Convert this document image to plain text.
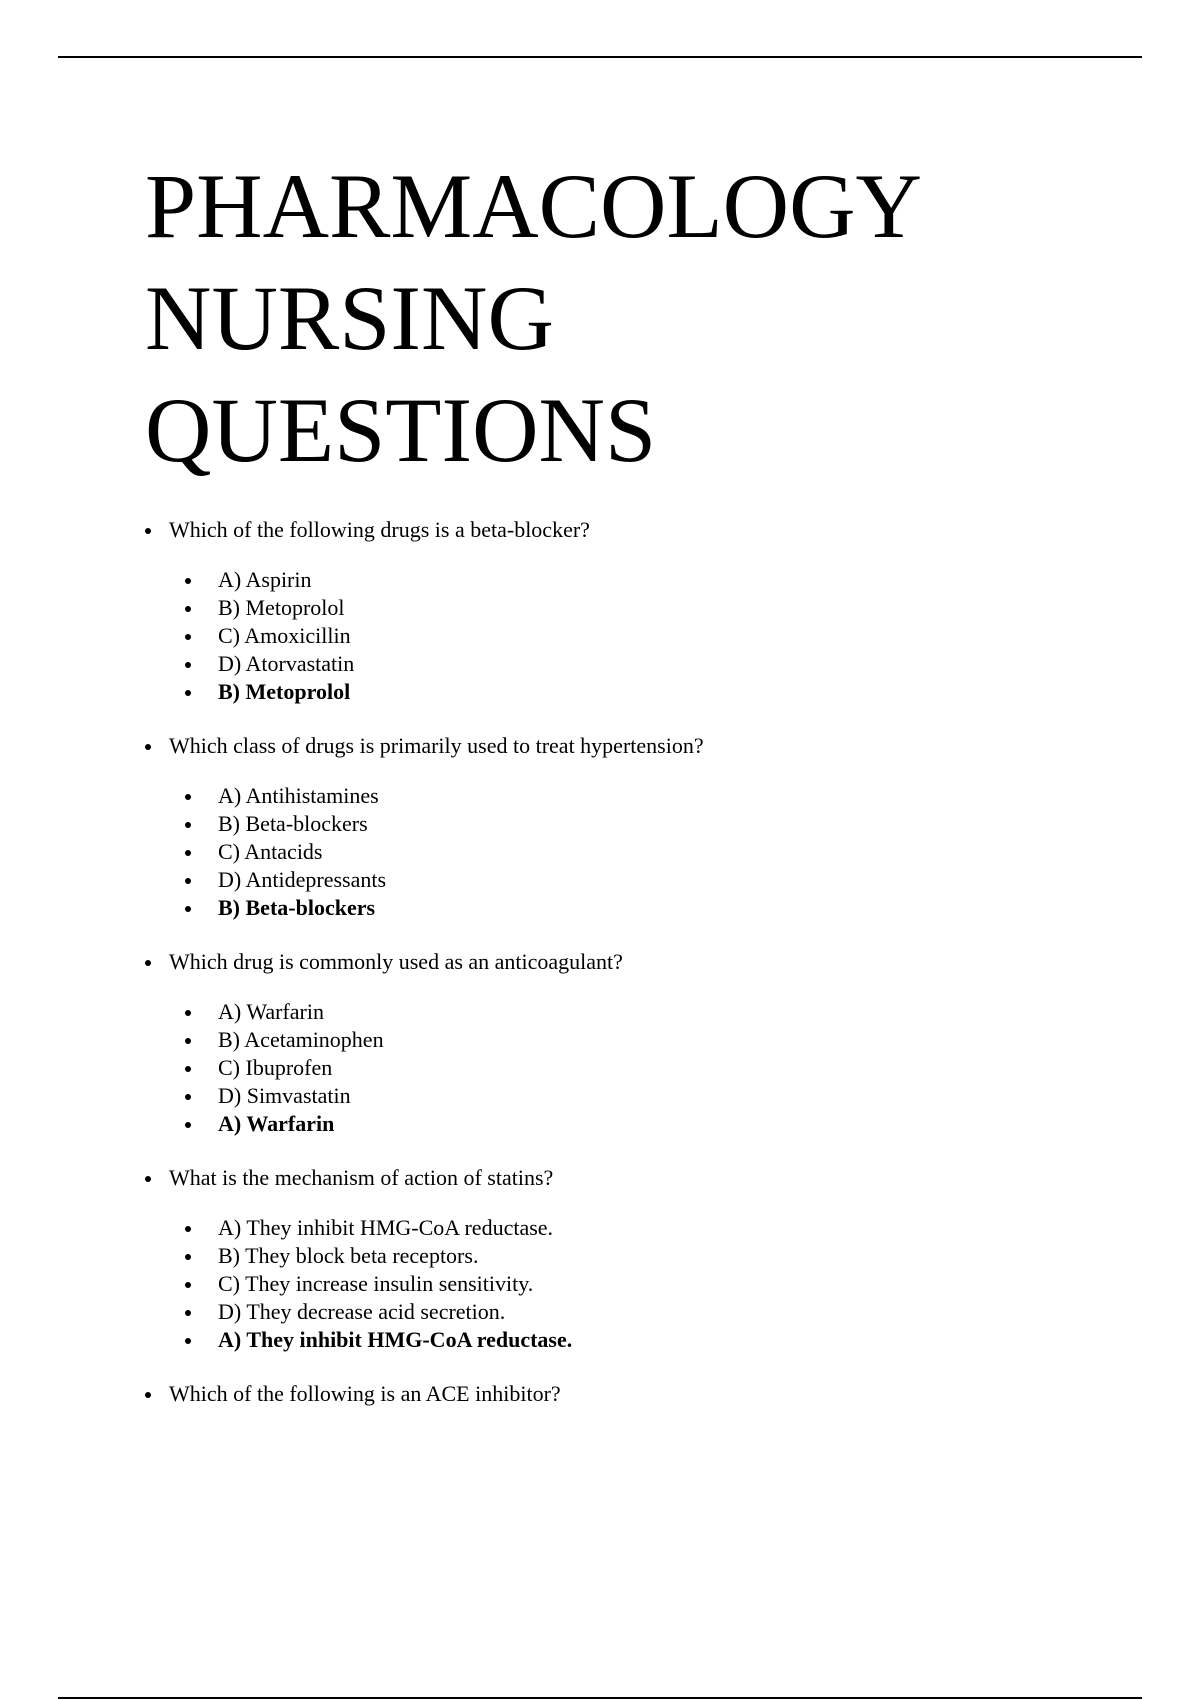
PHARMACOLOGY
NURSING
QUESTIONS
Which of the following drugs is a beta-blocker?
A) Aspirin
B) Metoprolol
C) Amoxicillin
D) Atorvastatin
B) Metoprolol
Which class of drugs is primarily used to treat hypertension?
A) Antihistamines
B) Beta-blockers
C) Antacids
D) Antidepressants
B) Beta-blockers
Which drug is commonly used as an anticoagulant?
A) Warfarin
B) Acetaminophen
C) Ibuprofen
D) Simvastatin
A) Warfarin
What is the mechanism of action of statins?
A) They inhibit HMG-CoA reductase.
B) They block beta receptors.
C) They increase insulin sensitivity.
D) They decrease acid secretion.
A) They inhibit HMG-CoA reductase.
Which of the following is an ACE inhibitor?
